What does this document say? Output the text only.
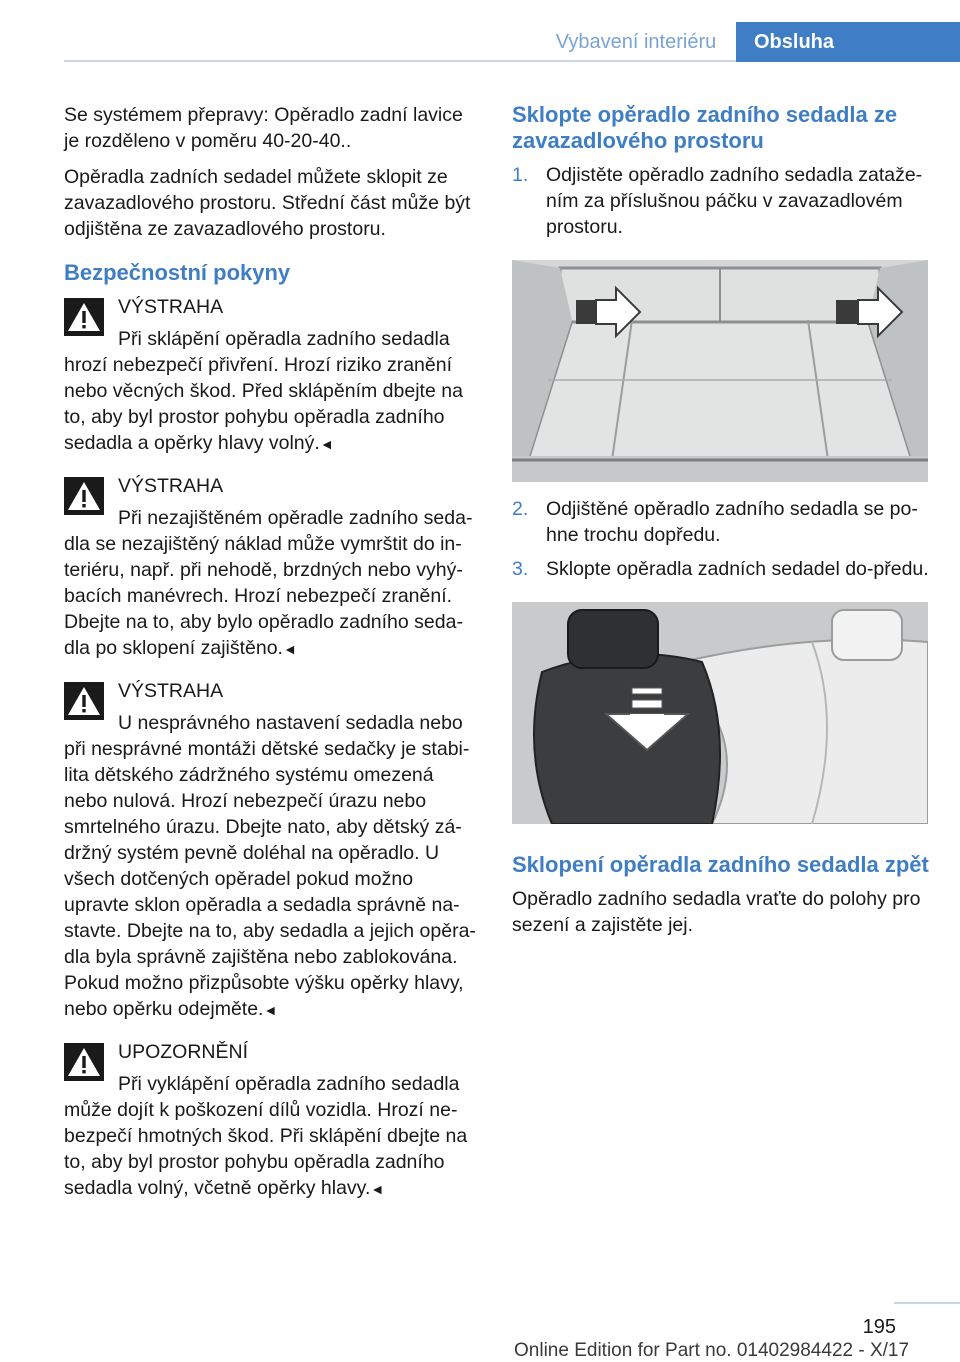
Vybavení interiéru	Obsluha

Se systémem přepravy: Opěradlo zadní lavice je rozděleno v poměru 40-20-40..

Opěradla zadních sedadel můžete sklopit ze zavazadlového prostoru. Střední část může být odjištěna ze zavazadlového prostoru.

Bezpečnostní pokyny

VÝSTRAHA

Při sklápění opěradla zadního sedadla
hrozí nebezpečí přivření. Hrozí riziko zranění nebo věcných škod. Před sklápěním dbejte na to, aby byl prostor pohybu opěradla zadního sedadla a opěrky hlavy volný.◄

VÝSTRAHA

Při nezajištěném opěradle zadního seda-
dla se nezajištěný náklad může vymrštit do in-teriéru, např. při nehodě, brzdných nebo vyhý-bacích manévrech. Hrozí nebezpečí zranění. Dbejte na to, aby bylo opěradlo zadního seda-dla po sklopení zajištěno.◄

VÝSTRAHA

U nesprávného nastavení sedadla nebo
při nesprávné montáži dětské sedačky je stabi-lita dětského zádržného systému omezená nebo nulová. Hrozí nebezpečí úrazu nebo smrtelného úrazu. Dbejte nato, aby dětský zá-držný systém pevně doléhal na opěradlo. U všech dotčených opěradel pokud možno upravte sklon opěradla a sedadla správně na-stavte. Dbejte na to, aby sedadla a jejich opěra-dla byla správně zajištěna nebo zablokována. Pokud možno přizpůsobte výšku opěrky hlavy, nebo opěrku odejměte.◄

UPOZORNĚNÍ

Při vyklápění opěradla zadního sedadla
může dojít k poškození dílů vozidla. Hrozí ne-bezpečí hmotných škod. Při sklápění dbejte na to, aby byl prostor pohybu opěradla zadního sedadla volný, včetně opěrky hlavy.◄

Sklopte opěradlo zadního sedadla ze zavazadlového prostoru
1. Odjistěte opěradlo zadního sedadla zataže-ním za příslušnou páčku v zavazadlovém prostoru.
2. Odjištěné opěradlo zadního sedadla se po-hne trochu dopředu.
3. Sklopte opěradla zadních sedadel do-předu.
Sklopení opěradla zadního sedadla zpět

Opěradlo zadního sedadla vraťte do polohy pro sezení a zajistěte jej.

195
Online Edition for Part no. 01402984422 - X/17
